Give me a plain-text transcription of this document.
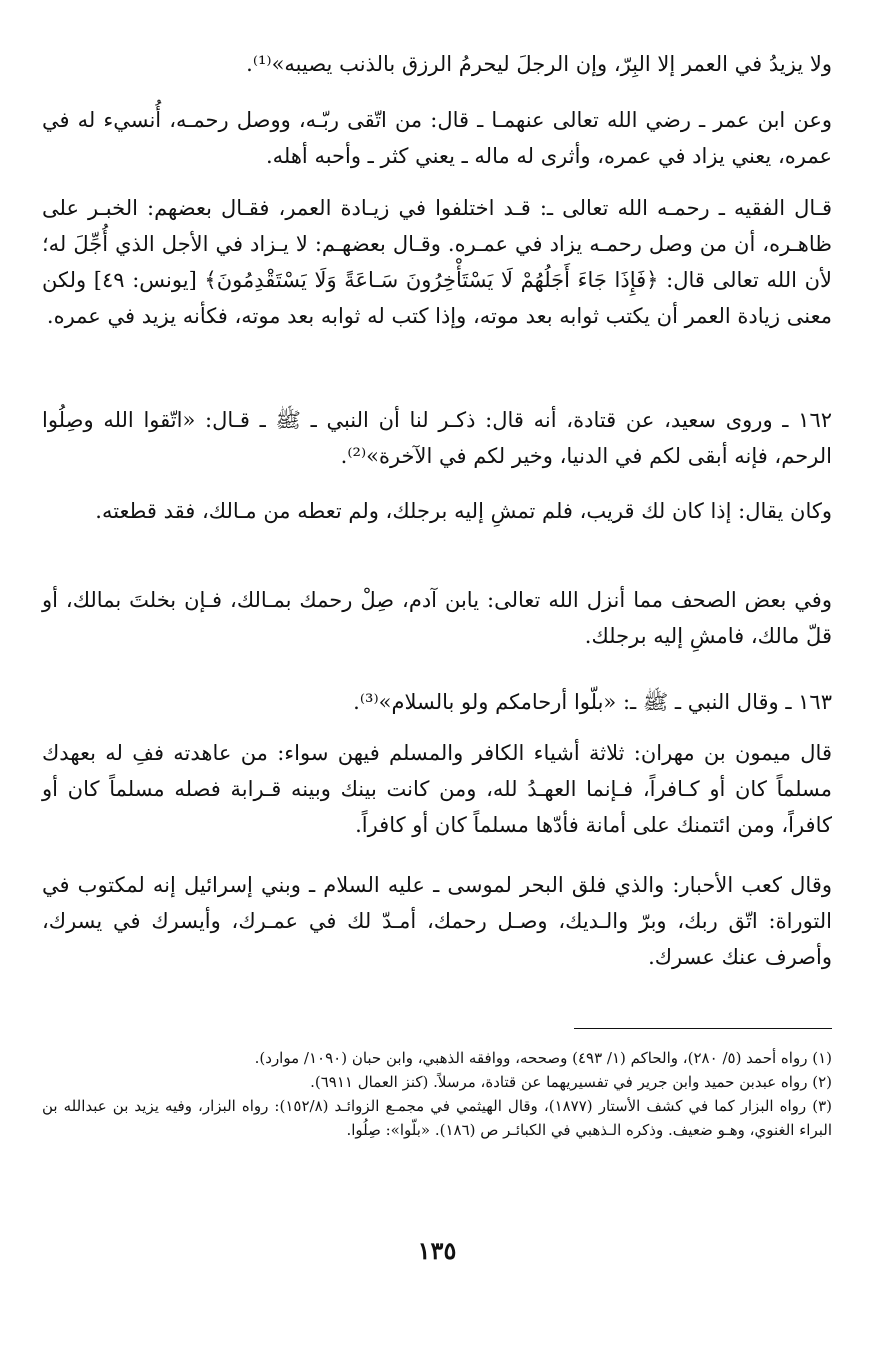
ولا يزيدُ في العمر إلا البِرّ، وإن الرجلَ ليحرمُ الرزق بالذنب يصيبه»⁽¹⁾.

وعن ابن عمر ـ رضي الله تعالى عنهمـا ـ قال: من اتّقى ربّـه، ووصل رحمـه، أُنسيء له في عمره، يعني يزاد في عمره، وأثرى له ماله ـ يعني كثر ـ وأحبه أهله.

قـال الفقيه ـ رحمـه الله تعالى ـ: قـد اختلفوا في زيـادة العمر، فقـال بعضهم: الخبـر على ظاهـره، أن من وصل رحمـه يزاد في عمـره. وقـال بعضهـم: لا يـزاد في الأجل الذي أُجِّلَ له؛ لأن الله تعالى قال: ﴿فَإِذَا جَاءَ أَجَلُهُمْ لَا يَسْتَأْخِرُونَ سَـاعَةً وَلَا يَسْتَقْدِمُونَ﴾ [يونس: ٤٩] ولكن معنى زيادة العمر أن يكتب ثوابه بعد موته، وإذا كتب له ثوابه بعد موته، فكأنه يزيد في عمره.

١٦٢ ـ وروى سعيد، عن قتادة، أنه قال: ذكـر لنا أن النبي ـ ﷺ ـ قـال: «اتّقوا الله وصِلُوا الرحم، فإنه أبقى لكم في الدنيا، وخير لكم في الآخرة»⁽²⁾.

وكان يقال: إذا كان لك قريب، فلم تمشِ إليه برجلك، ولم تعطه من مـالك، فقد قطعته.

وفي بعض الصحف مما أنزل الله تعالى: يابن آدم، صِلْ رحمك بمـالك، فـإن بخلتَ بمالك، أو قلّ مالك، فامشِ إليه برجلك.

١٦٣ ـ وقال النبي ـ ﷺ ـ: «بلّوا أرحامكم ولو بالسلام»⁽³⁾.

قال ميمون بن مهران: ثلاثة أشياء الكافر والمسلم فيهن سواء: من عاهدته ففِ له بعهدك مسلماً كان أو كـافراً، فـإنما العهـدُ لله، ومن كانت بينك وبينه قـرابة فصله مسلماً كان أو كافراً، ومن ائتمنك على أمانة فأدّها مسلماً كان أو كافراً.

وقال كعب الأحبار: والذي فلق البحر لموسى ـ عليه السلام ـ وبني إسرائيل إنه لمكتوب في التوراة: اتّق ربك، وبرّ والـديك، وصـل رحمك، أمـدّ لك في عمـرك، وأيسرك في يسرك، وأصرف عنك عسرك.

(١) رواه أحمد (٥/ ٢٨٠)، والحاكم (١/ ٤٩٣) وصححه، ووافقه الذهبي، وابن حبان (١٠٩٠/ موارد).

(٢) رواه عبدبن حميد وابن جرير في تفسيريهما عن قتادة، مرسلاً. (كنز العمال ٦٩١١).

(٣) رواه البزار كما في كشف الأستار (١٨٧٧)، وقال الهيثمي في مجمـع الزوائـد (١٥٢/٨): رواه البزار، وفيه يزيد بن عبدالله بن البراء الغنوي، وهـو ضعيف. وذكره الـذهبي في الكبائـر ص (١٨٦). «بلّوا»: صِلُوا.

١٣٥
